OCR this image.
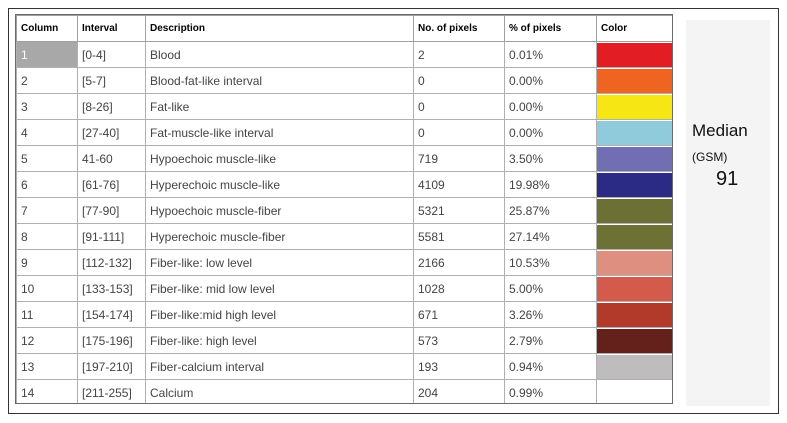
Column	Interval	Description	No. of pixels	% of pixels	Color
1	[0-4]	Blood	2	0.01%	

2	[5-7]	Blood-fat-like interval	0	0.00%	

3	[8-26]	Fat-like	0	0.00%	

4	[27-40]	Fat-muscle-like interval	0	0.00%	

5	41-60	Hypoechoic muscle-like	719	3.50%	

6	[61-76]	Hyperechoic muscle-like	4109	19.98%	

7	[77-90]	Hypoechoic muscle-fiber	5321	25.87%	

8	[91-111]	Hyperechoic muscle-fiber	5581	27.14%	

9	[112-132]	Fiber-like: low level	2166	10.53%	

10	[133-153]	Fiber-like: mid low level	1028	5.00%	

11	[154-174]	Fiber-like:mid high level	671	3.26%	

12	[175-196]	Fiber-like: high level	573	2.79%	

13	[197-210]	Fiber-calcium interval	193	0.94%	

14	[211-255]	Calcium	204	0.99%	
Median
(GSM)
91
